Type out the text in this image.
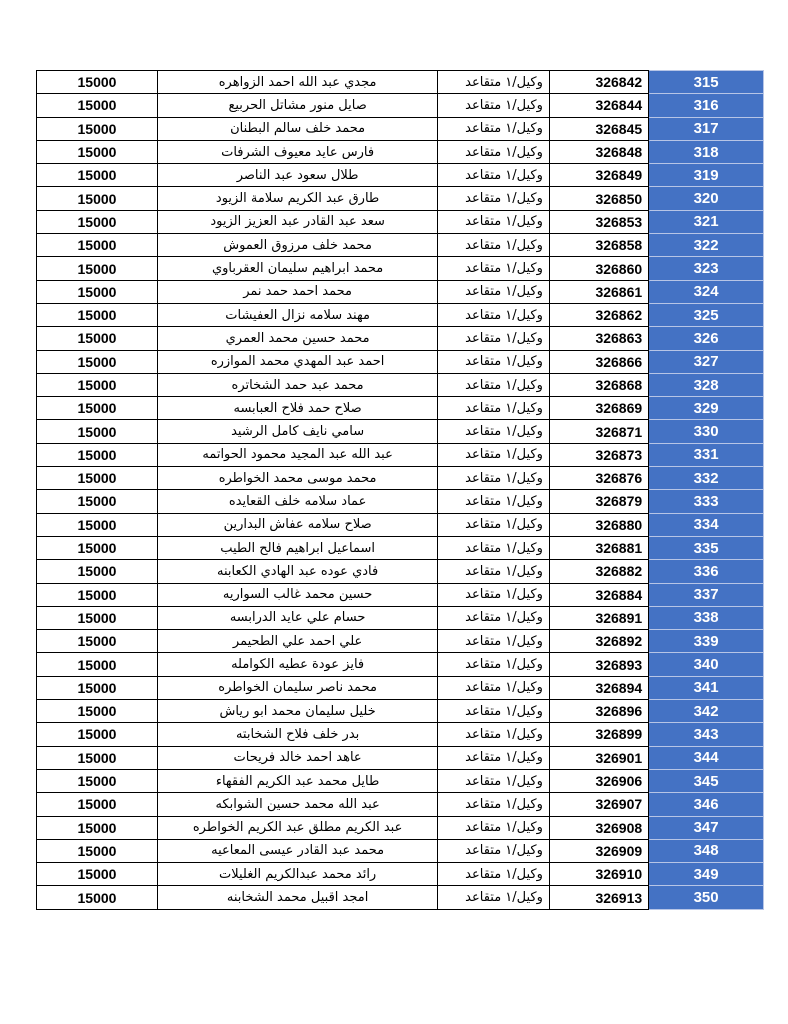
15000	مجدي عبد الله احمد الزواهره	وكيل/١ متقاعد	326842	315
15000	صايل منور مشاتل الحربيع	وكيل/١ متقاعد	326844	316
15000	محمد خلف سالم البطنان	وكيل/١ متقاعد	326845	317
15000	فارس عايد معيوف الشرفات	وكيل/١ متقاعد	326848	318
15000	طلال سعود عبد الناصر	وكيل/١ متقاعد	326849	319
15000	طارق عبد الكريم سلامة الزيود	وكيل/١ متقاعد	326850	320
15000	سعد عبد القادر عبد العزيز الزيود	وكيل/١ متقاعد	326853	321
15000	محمد خلف مرزوق العموش	وكيل/١ متقاعد	326858	322
15000	محمد ابراهيم سليمان العقرباوي	وكيل/١ متقاعد	326860	323
15000	محمد احمد حمد نمر	وكيل/١ متقاعد	326861	324
15000	مهند سلامه نزال العفيشات	وكيل/١ متقاعد	326862	325
15000	محمد حسين محمد العمري	وكيل/١ متقاعد	326863	326
15000	احمد عبد المهدي محمد الموازره	وكيل/١ متقاعد	326866	327
15000	محمد عبد حمد الشخاتره	وكيل/١ متقاعد	326868	328
15000	صلاح حمد فلاح العبابسه	وكيل/١ متقاعد	326869	329
15000	سامي نايف كامل الرشيد	وكيل/١ متقاعد	326871	330
15000	عبد الله عبد المجيد محمود الحواتمه	وكيل/١ متقاعد	326873	331
15000	محمد موسى محمد الخواطره	وكيل/١ متقاعد	326876	332
15000	عماد سلامه خلف القعايده	وكيل/١ متقاعد	326879	333
15000	صلاح سلامه عفاش البدارين	وكيل/١ متقاعد	326880	334
15000	اسماعيل ابراهيم فالح الطيب	وكيل/١ متقاعد	326881	335
15000	فادي عوده عبد الهادي الكعابنه	وكيل/١ متقاعد	326882	336
15000	حسين محمد غالب السواريه	وكيل/١ متقاعد	326884	337
15000	حسام علي عايد الدرابسه	وكيل/١ متقاعد	326891	338
15000	علي احمد علي الطحيمر	وكيل/١ متقاعد	326892	339
15000	فايز عودة عطيه الكوامله	وكيل/١ متقاعد	326893	340
15000	محمد ناصر سليمان الخواطره	وكيل/١ متقاعد	326894	341
15000	خليل سليمان محمد ابو رياش	وكيل/١ متقاعد	326896	342
15000	بدر خلف فلاح الشخابته	وكيل/١ متقاعد	326899	343
15000	عاهد احمد خالد فريحات	وكيل/١ متقاعد	326901	344
15000	طايل محمد عبد الكريم الفقهاء	وكيل/١ متقاعد	326906	345
15000	عبد الله محمد حسين الشوابكه	وكيل/١ متقاعد	326907	346
15000	عبد الكريم مطلق عبد الكريم الخواطره	وكيل/١ متقاعد	326908	347
15000	محمد عبد القادر عيسى المعاعيه	وكيل/١ متقاعد	326909	348
15000	رائد محمد عبدالكريم الغليلات	وكيل/١ متقاعد	326910	349
15000	امجد اقبيل محمد الشخابنه	وكيل/١ متقاعد	326913	350
